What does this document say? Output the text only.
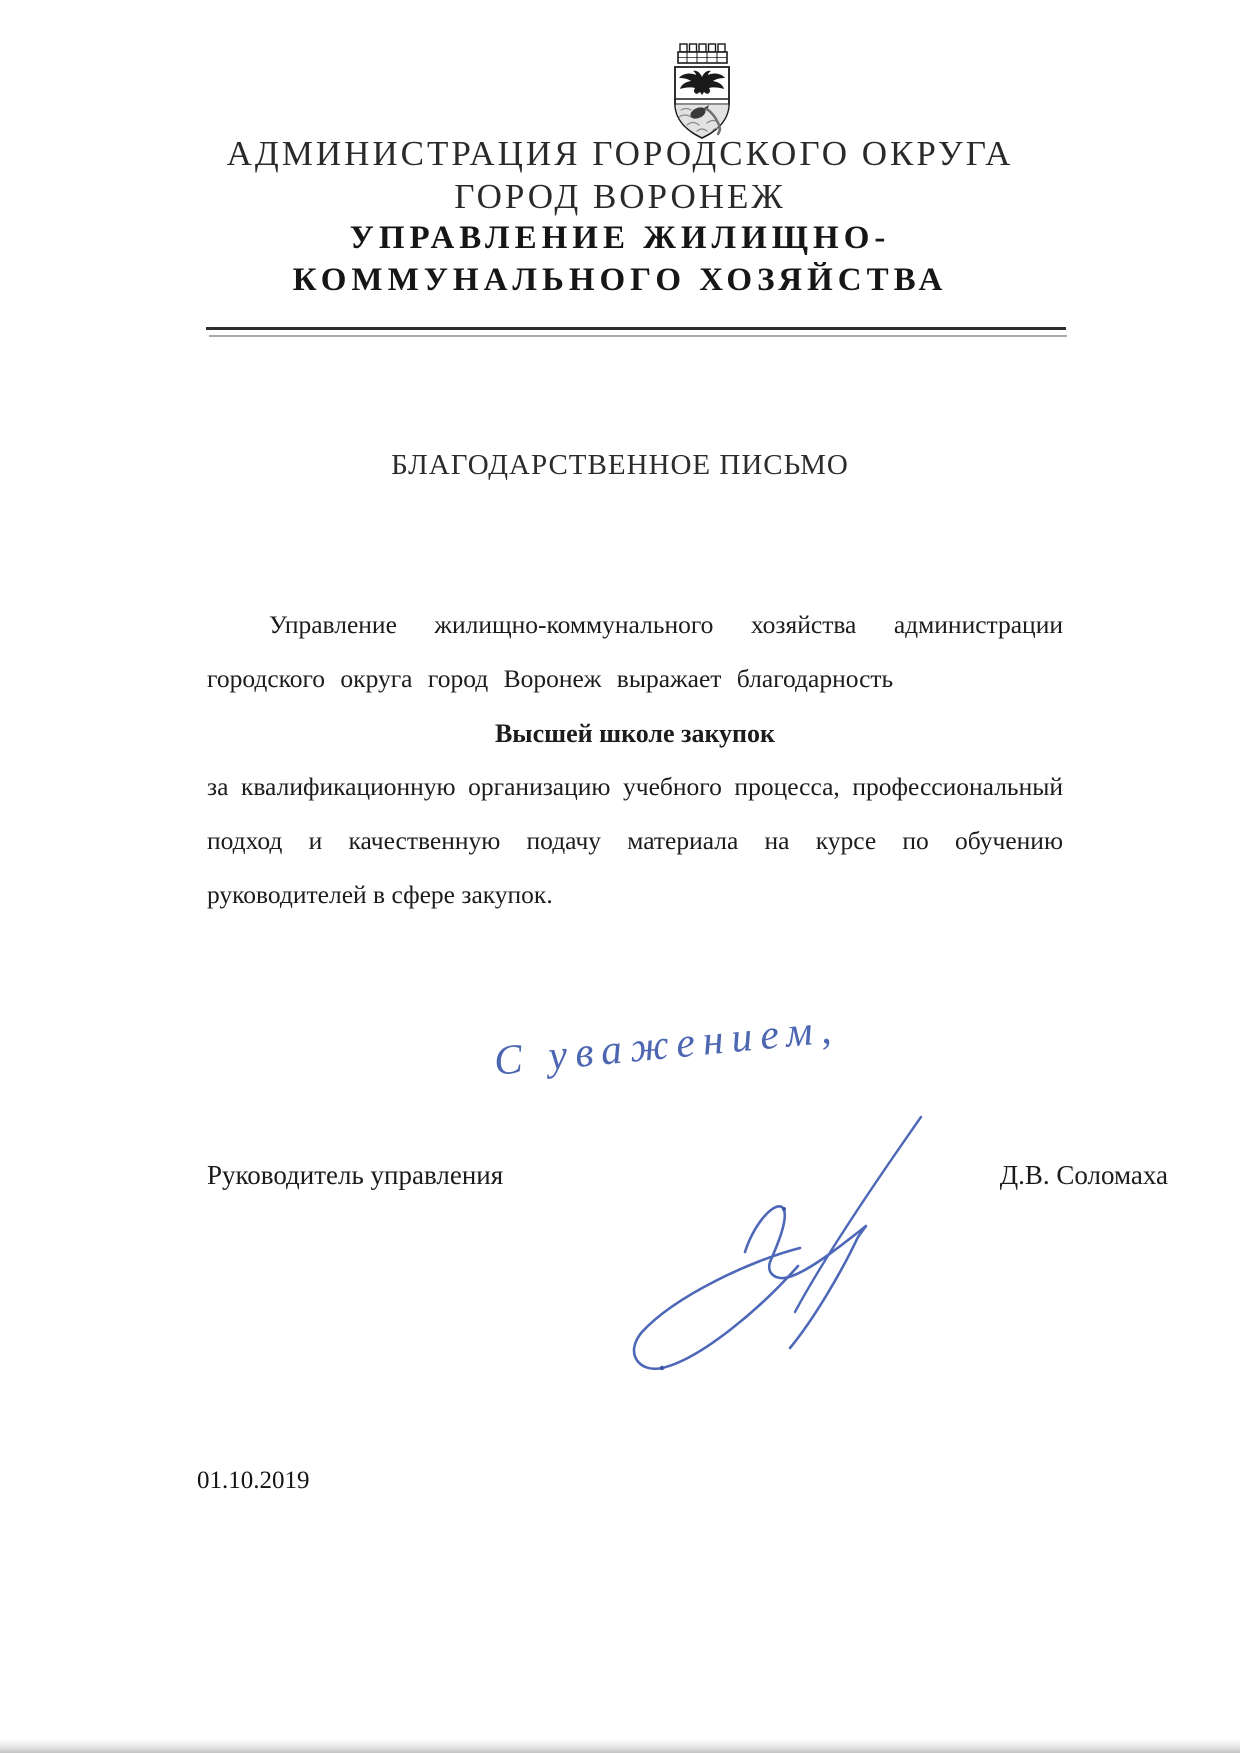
АДМИНИСТРАЦИЯ ГОРОДСКОГО ОКРУГА
ГОРОД ВОРОНЕЖ
УПРАВЛЕНИЕ ЖИЛИЩНО-
КОММУНАЛЬНОГО ХОЗЯЙСТВА
БЛАГОДАРСТВЕННОЕ ПИСЬМО
Управление жилищно-коммунального хозяйства администрации
городского округа город Воронеж выражает благодарность
Высшей школе закупок
за квалификационную организацию учебного процесса, профессиональный
подход и качественную подачу материала на курсе по обучению
руководителей в сфере закупок.
С уважением,
Руководитель управления	Д.В. Соломаха
01.10.2019
